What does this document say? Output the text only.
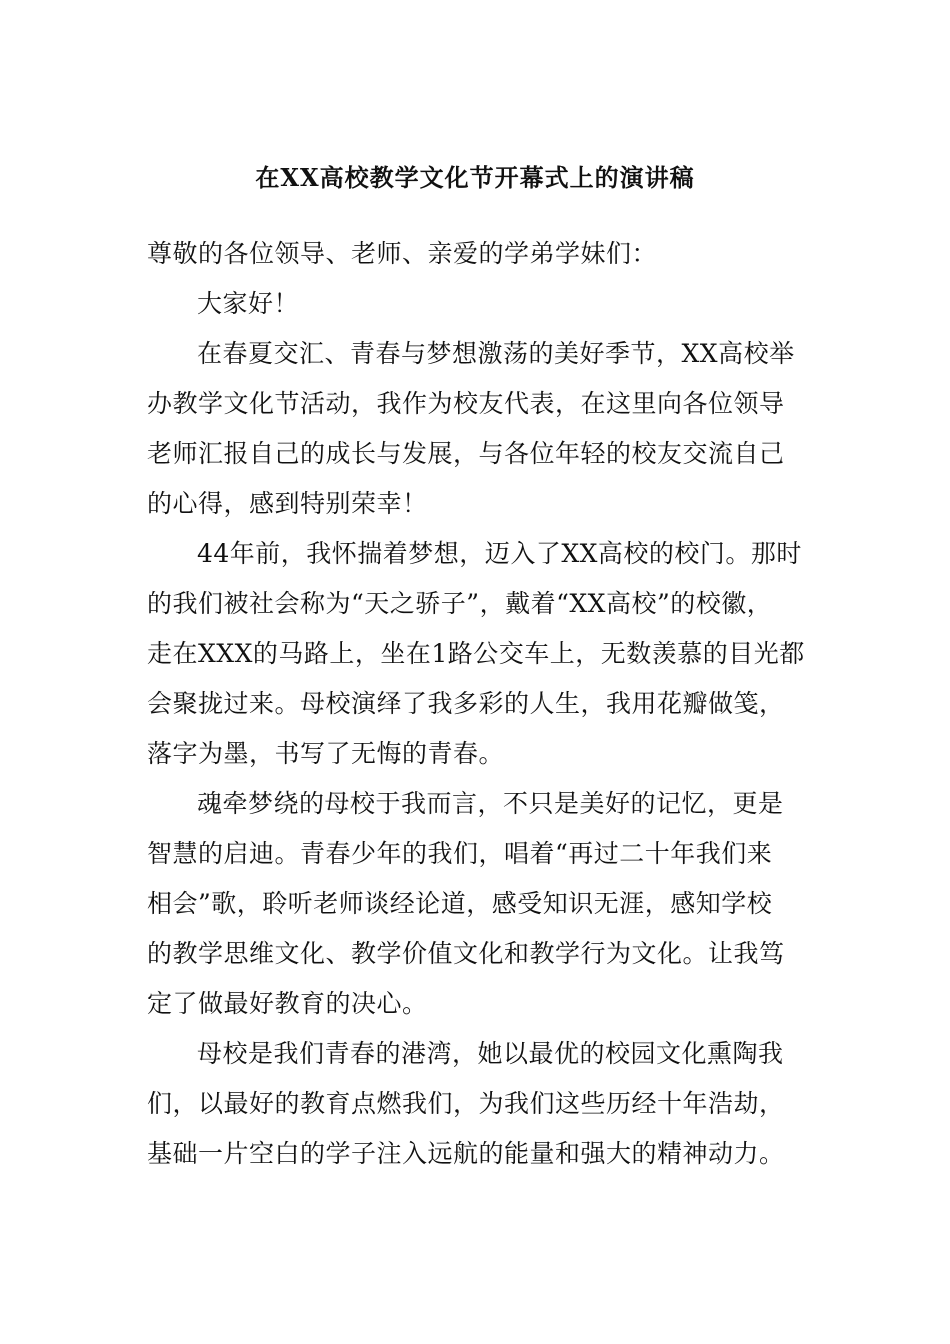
在XX高校教学文化节开幕式上的演讲稿
尊敬的各位领导、老师、亲爱的学弟学妹们：
大家好！
在春夏交汇、青春与梦想激荡的美好季节，XX高校举
办教学文化节活动，我作为校友代表，在这里向各位领导
老师汇报自己的成长与发展，与各位年轻的校友交流自己
的心得，感到特别荣幸！
44年前，我怀揣着梦想，迈入了XX高校的校门。那时
的我们被社会称为“天之骄子”，戴着“XX高校”的校徽，
走在XXX的马路上，坐在1路公交车上，无数羡慕的目光都
会聚拢过来。母校演绎了我多彩的人生，我用花瓣做笺，
落字为墨，书写了无悔的青春。
魂牵梦绕的母校于我而言，不只是美好的记忆，更是
智慧的启迪。青春少年的我们，唱着“再过二十年我们来
相会”歌，聆听老师谈经论道，感受知识无涯，感知学校
的教学思维文化、教学价值文化和教学行为文化。让我笃
定了做最好教育的决心。
母校是我们青春的港湾，她以最优的校园文化熏陶我
们，以最好的教育点燃我们，为我们这些历经十年浩劫，
基础一片空白的学子注入远航的能量和强大的精神动力。
